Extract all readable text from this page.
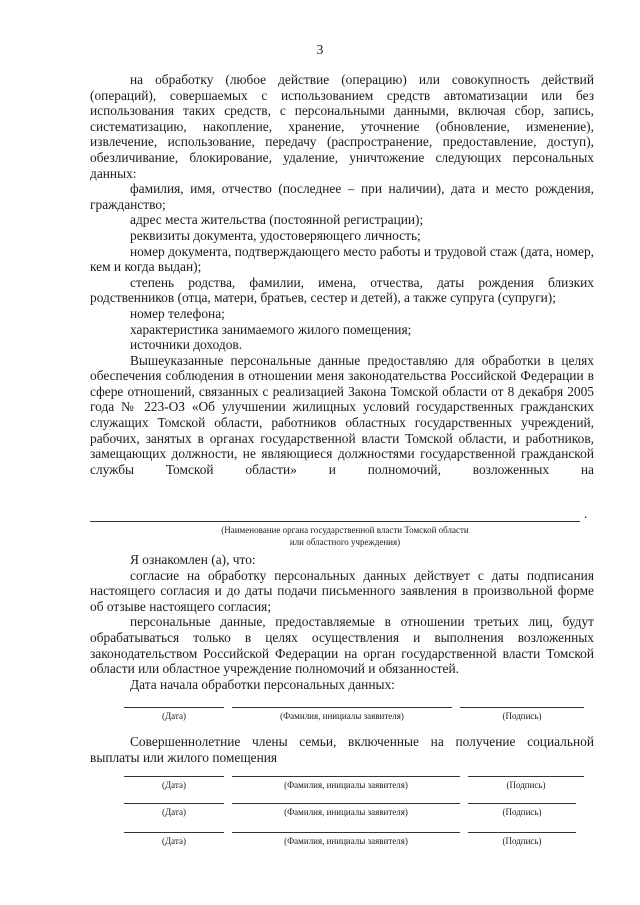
3

на обработку (любое действие (операцию) или совокупность действий (операций), совершаемых с использованием средств автоматизации или без использования таких средств, с персональными данными, включая сбор, запись, систематизацию, накопление, хранение, уточнение (обновление, изменение), извлечение, использование, передачу (распространение, предоставление, доступ), обезличивание, блокирование, удаление, уничтожение следующих персональных данных:

фамилия, имя, отчество (последнее – при наличии), дата и место рождения, гражданство;

адрес места жительства (постоянной регистрации);

реквизиты документа, удостоверяющего личность;

номер документа, подтверждающего место работы и трудовой стаж (дата, номер, кем и когда выдан);

степень родства, фамилии, имена, отчества, даты рождения близких родственников (отца, матери, братьев, сестер и детей), а также супруга (супруги);

номер телефона;

характеристика занимаемого жилого помещения;

источники доходов.

Вышеуказанные персональные данные предоставляю для обработки в целях обеспечения соблюдения в отношении меня законодательства Российской Федерации в сфере отношений, связанных с реализацией Закона Томской области от 8 декабря 2005 года № 223-ОЗ «Об улучшении жилищных условий государственных гражданских служащих Томской области, работников областных государственных учреждений, рабочих, занятых в органах государственной власти Томской области, и работников, замещающих должности, не являющиеся должностями государственной гражданской службы Томской области» и полномочий, возложенных на

.
(Наименование органа государственной власти Томской области
или областного учреждения)

Я ознакомлен (а), что:

согласие на обработку персональных данных действует с даты подписания настоящего согласия и до даты подачи письменного заявления в произвольной форме об отзыве настоящего согласия;

персональные данные, предоставляемые в отношении третьих лиц, будут обрабатываться только в целях осуществления и выполнения возложенных законодательством Российской Федерации на орган государственной власти Томской области или областное учреждение полномочий и обязанностей.

Дата начала обработки персональных данных:

(Дата)	(Фамилия, инициалы заявителя)	(Подпись)

Совершеннолетние члены семьи, включенные на получение социальной выплаты или жилого помещения

(Дата)	(Фамилия, инициалы заявителя)	(Подпись)
(Дата)	(Фамилия, инициалы заявителя)	(Подпись)
(Дата)	(Фамилия, инициалы заявителя)	(Подпись)
